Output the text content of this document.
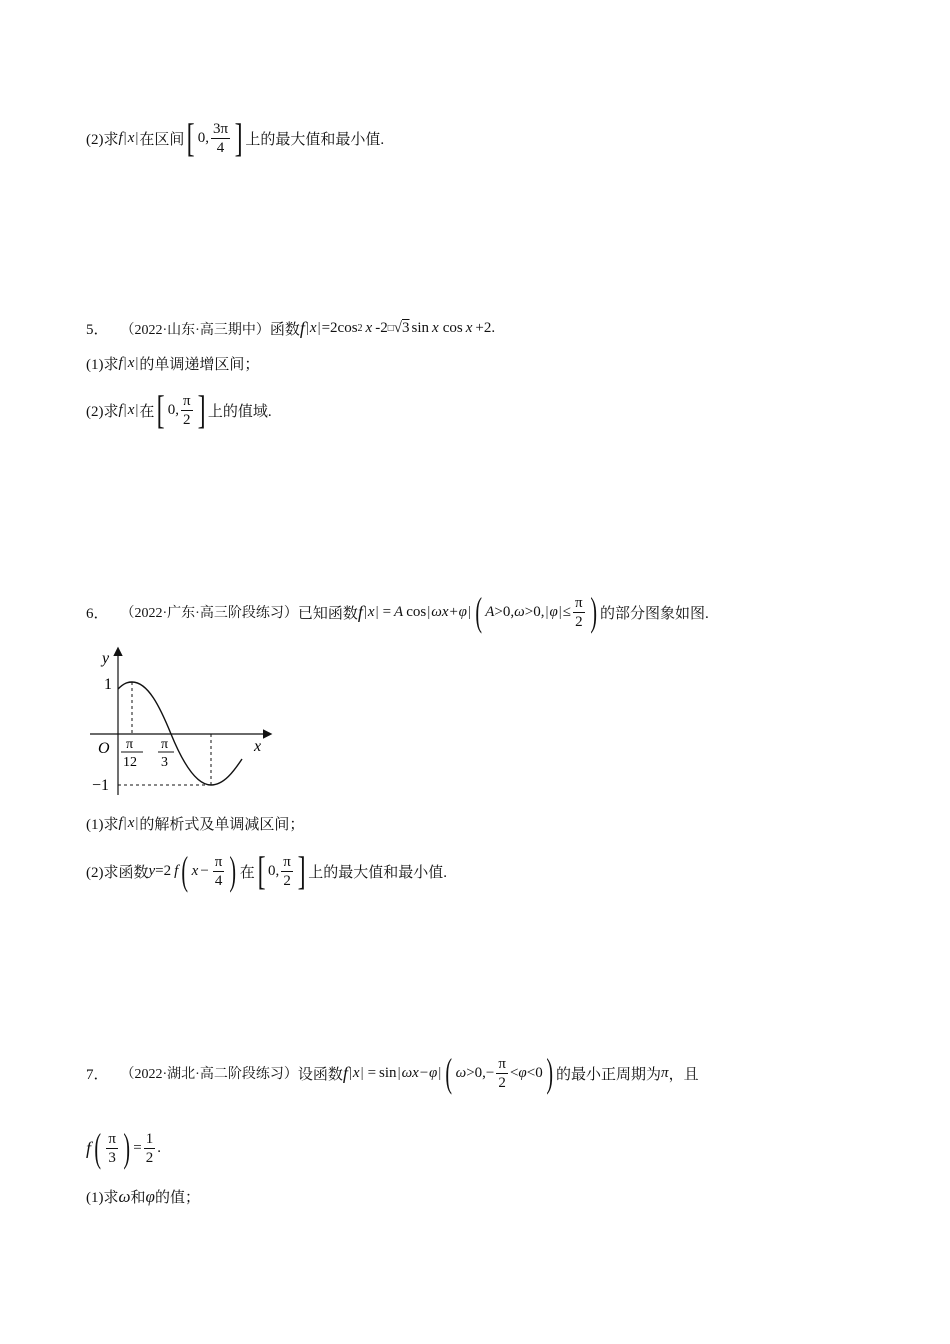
(2)求 f | x | 在区间 [ 0, $\frac{3\pi}{4}$ ] 上的最大值和最小值.
5． （2022·山东·高三期中） 函数 f | x | =2cos 2 x -2 □ √ 3 sin x cos x +2.
(1)求 f | x | 的单调递增区间；
(2)求 f | x | 在 [ 0, $\frac{\pi}{2}$ ] 上的值域.
6． （2022·广东·高三阶段练习） 已知函数 f | x | = A cos | ωx +φ | ( A >0, ω >0, | φ | ≤ $\frac{\pi}{2}$ ) 的部分图象如图.
y
x
O
1
−1
π
12
π
3
(1)求 f | x | 的解析式及单调减区间；
(2)求函数 y =2 f ( $x - \frac{\pi}{4}$ ) 在 [ 0, $\frac{\pi}{2}$ ] 上的最大值和最小值.
7． （2022·湖北·高二阶段练习） 设函数 f | x | = sin | ωx−φ | ( ω >0 ,− $\frac{\pi}{2} < \varphi <0$ ) 的最小正周期为 π ，且
f ( $\frac{\pi}{3}$ ) = $\frac{1}{2}$ .
(1)求 ω 和 φ 的值；
